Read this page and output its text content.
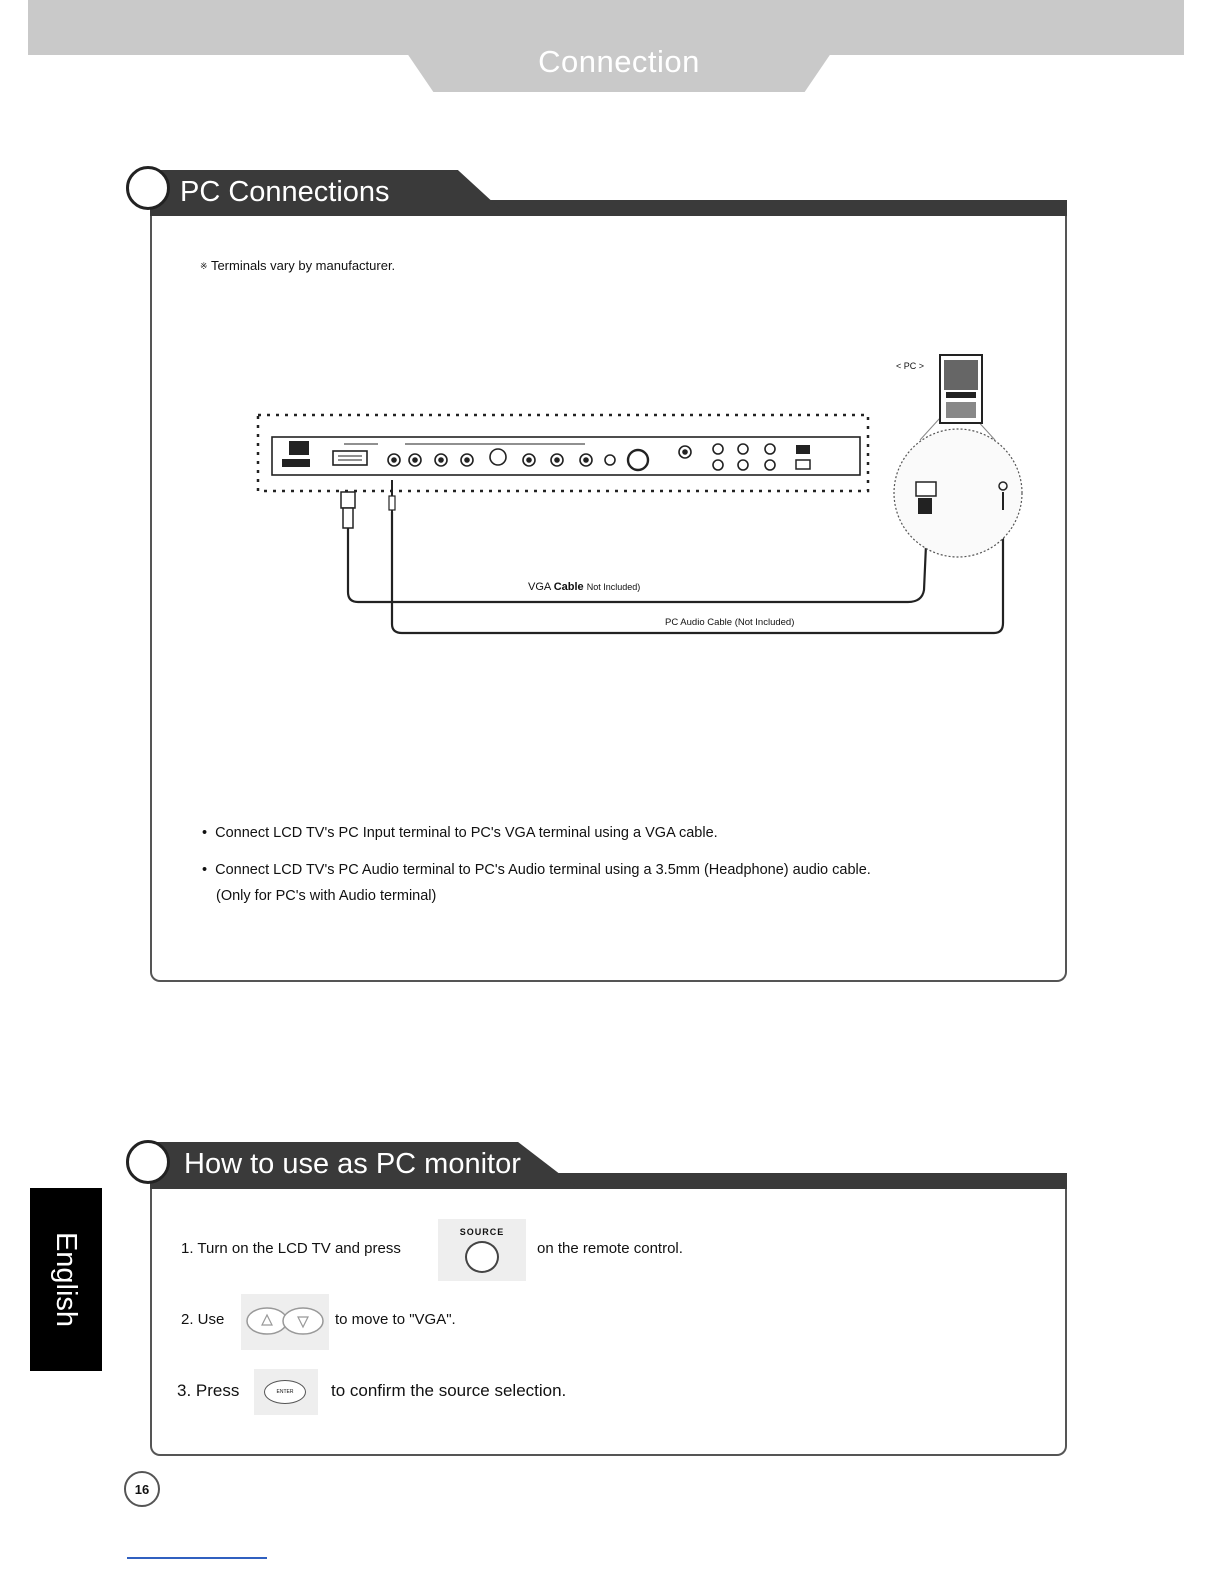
Connection
PC Connections
※ Terminals vary by manufacturer.
< PC >
VGA Cable Not Included)
PC Audio Cable (Not Included)
•  Connect LCD TV's PC Input terminal to PC's VGA terminal using a VGA cable.
•  Connect LCD TV's PC Audio terminal to PC's Audio terminal using a 3.5mm (Headphone) audio cable.
(Only for PC's with Audio terminal)
How to use as PC monitor
1. Turn on the LCD TV and press
SOURCE
on the remote control.
2. Use	to move to "VGA".
3. Press	ENTER to confirm the source selection.
English
16
